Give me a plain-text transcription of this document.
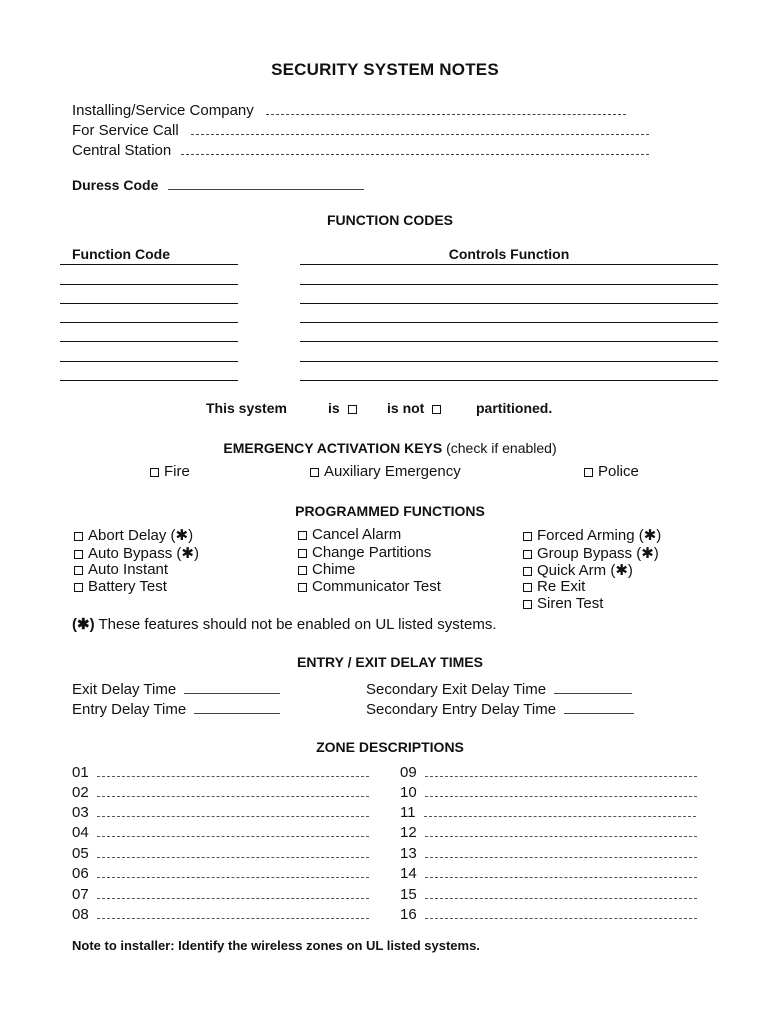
SECURITY SYSTEM NOTES
Installing/Service Company
For Service Call
Central Station
Duress Code
FUNCTION CODES
Function Code	Controls Function
This system	is	is not	partitioned.
EMERGENCY ACTIVATION KEYS (check if enabled)
Fire	Auxiliary Emergency	Police
PROGRAMMED FUNCTIONS
Abort Delay (✱)
Auto Bypass (✱)
Auto Instant
Battery Test
Cancel Alarm
Change Partitions
Chime
Communicator Test
Forced Arming (✱)
Group Bypass (✱)
Quick Arm (✱)
Re Exit
Siren Test
(✱) These features should not be enabled on UL listed systems.
ENTRY / EXIT DELAY TIMES
Exit Delay Time
Entry Delay Time
Secondary Exit Delay Time
Secondary Entry Delay Time
ZONE DESCRIPTIONS
01
02
03
04
05
06
07
08
09
10
11
12
13
14
15
16
Note to installer: Identify the wireless zones on UL listed systems.
